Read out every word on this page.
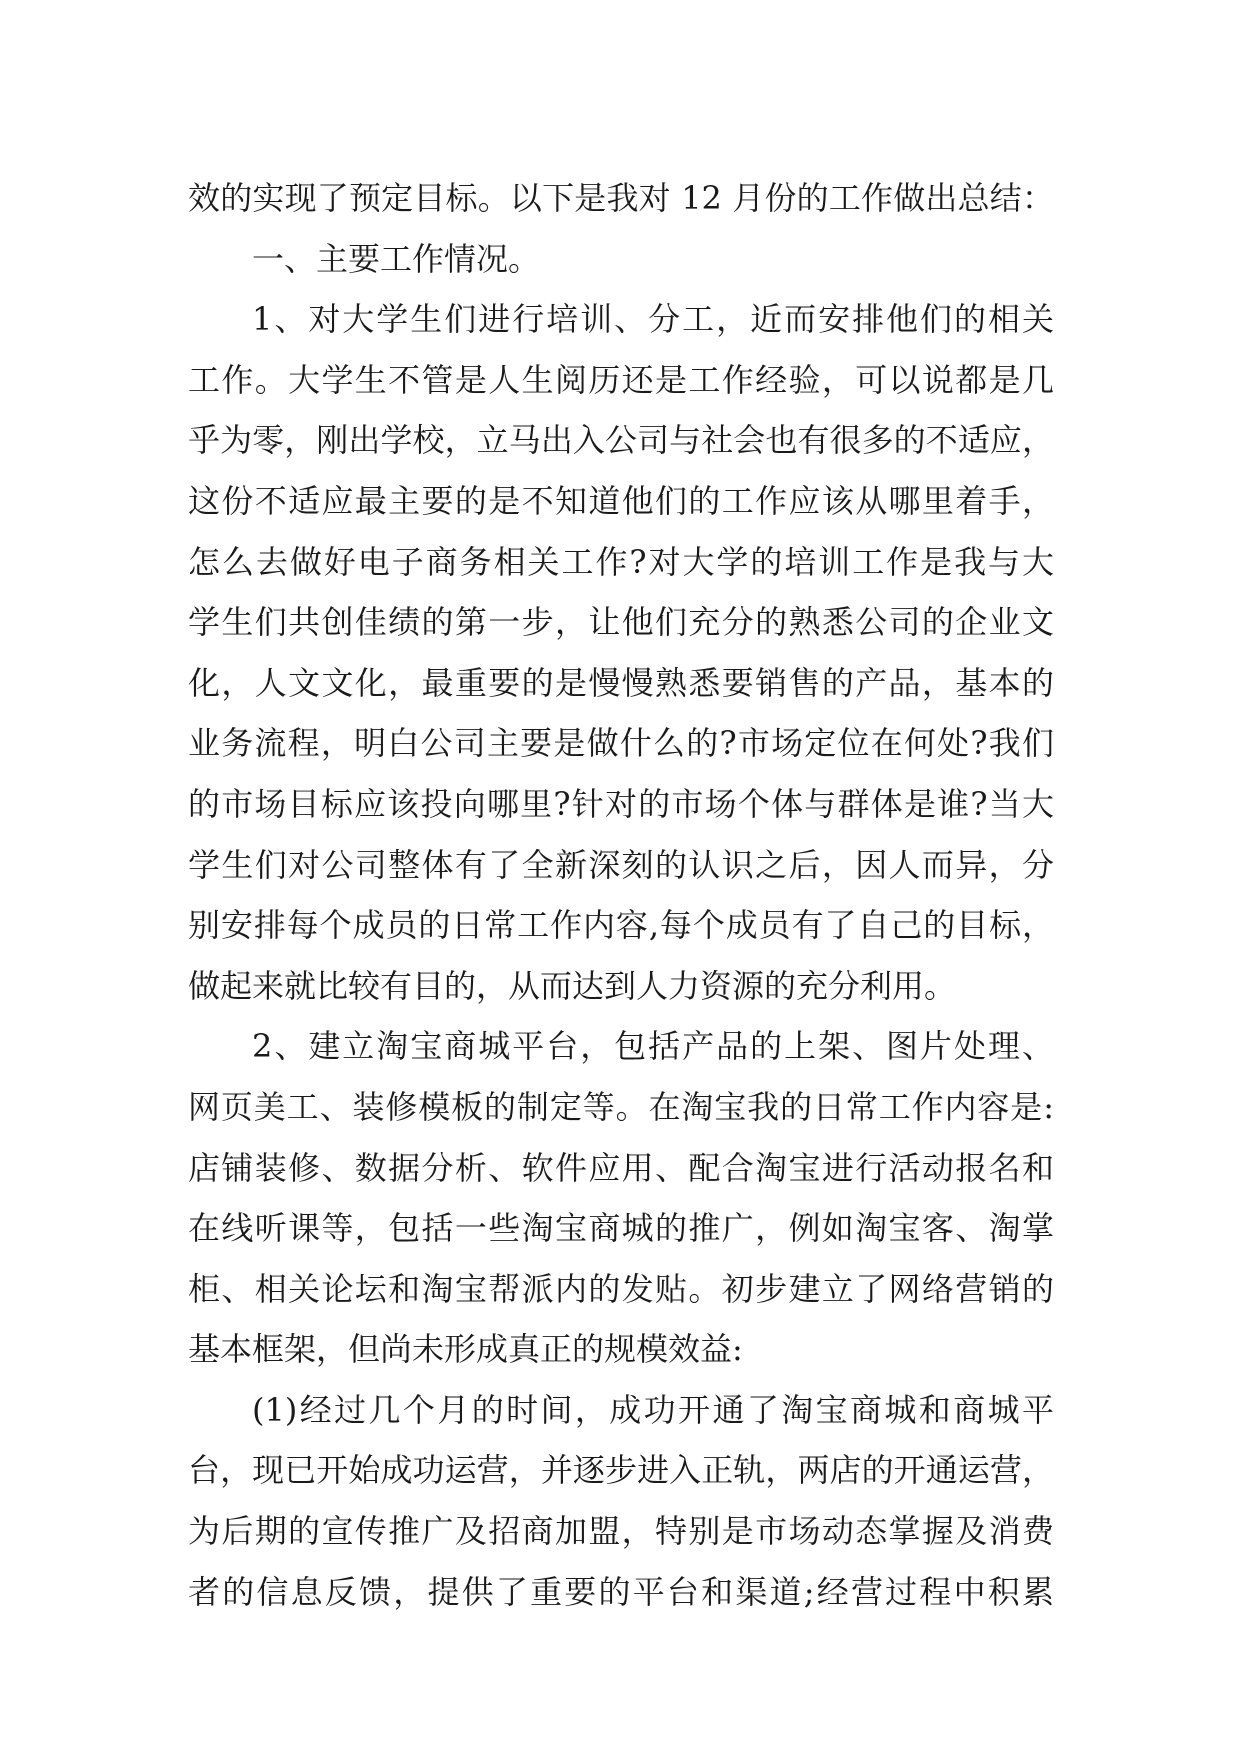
效的实现了预定目标。以下是我对 12 月份的工作做出总结：
一、主要工作情况。
1、对大学生们进行培训、分工，近而安排他们的相关
工作。大学生不管是人生阅历还是工作经验，可以说都是几
乎为零，刚出学校，立马出入公司与社会也有很多的不适应，
这份不适应最主要的是不知道他们的工作应该从哪里着手，
怎么去做好电子商务相关工作?对大学的培训工作是我与大
学生们共创佳绩的第一步，让他们充分的熟悉公司的企业文
化，人文文化，最重要的是慢慢熟悉要销售的产品，基本的
业务流程，明白公司主要是做什么的?市场定位在何处?我们
的市场目标应该投向哪里?针对的市场个体与群体是谁?当大
学生们对公司整体有了全新深刻的认识之后，因人而异，分
别安排每个成员的日常工作内容,每个成员有了自己的目标，
做起来就比较有目的，从而达到人力资源的充分利用。
2、建立淘宝商城平台，包括产品的上架、图片处理、
网页美工、装修模板的制定等。在淘宝我的日常工作内容是:
店铺装修、数据分析、软件应用、配合淘宝进行活动报名和
在线听课等，包括一些淘宝商城的推广，例如淘宝客、淘掌
柜、相关论坛和淘宝帮派内的发贴。初步建立了网络营销的
基本框架，但尚未形成真正的规模效益:
(1)经过几个月的时间，成功开通了淘宝商城和商城平
台，现已开始成功运营，并逐步进入正轨，两店的开通运营，
为后期的宣传推广及招商加盟，特别是市场动态掌握及消费
者的信息反馈，提供了重要的平台和渠道;经营过程中积累
